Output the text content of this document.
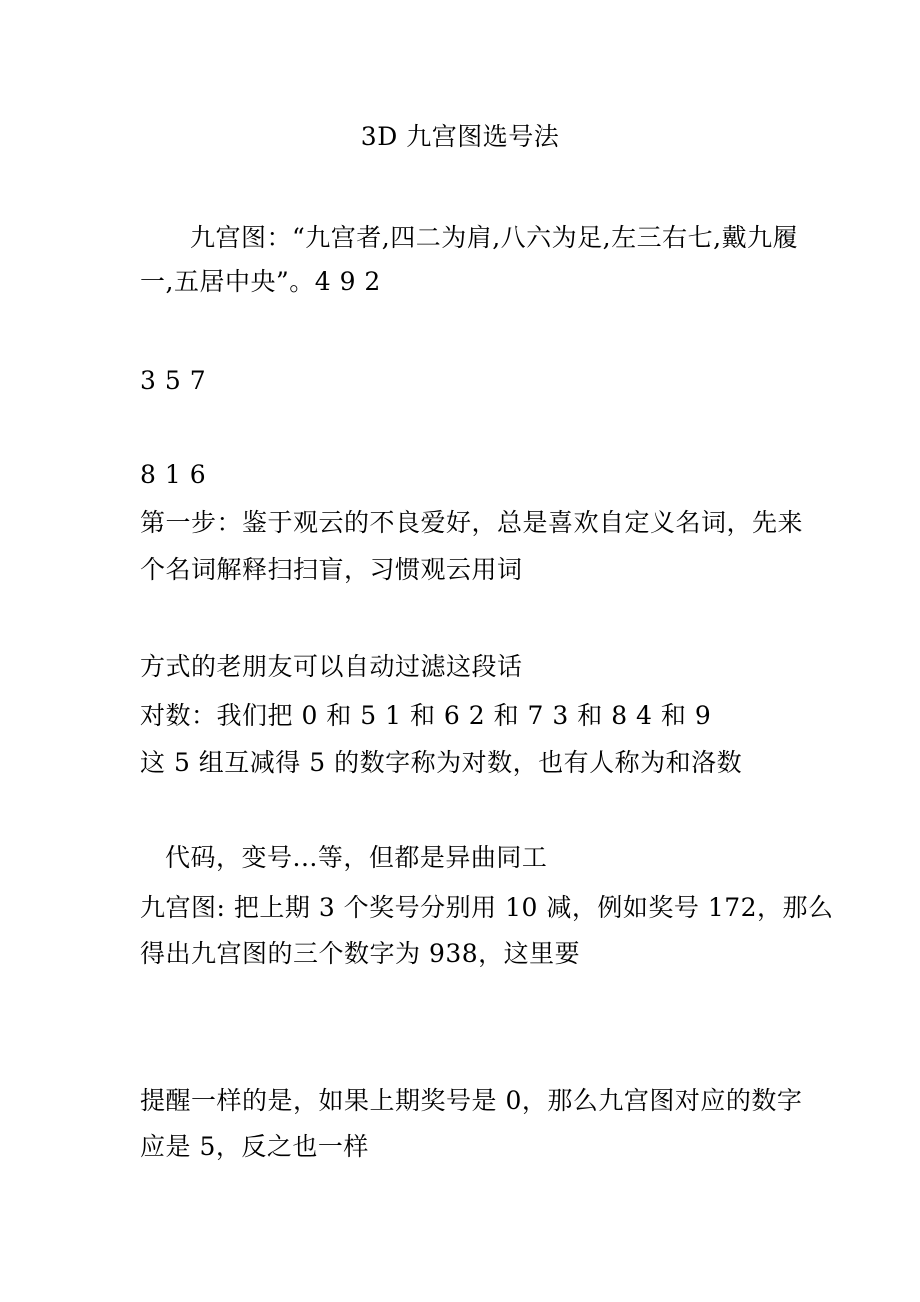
3D 九宫图选号法
九宫图：“九宫者,四二为肩,八六为足,左三右七,戴九履
一,五居中央”。4 9 2
3 5 7
8 1 6
第一步：鉴于观云的不良爱好，总是喜欢自定义名词，先来
个名词解释扫扫盲，习惯观云用词
方式的老朋友可以自动过滤这段话
对数：我们把 0 和 5 1 和 6 2 和 7 3 和 8 4 和 9
这 5 组互减得 5 的数字称为对数，也有人称为和洛数
代码，变号...等，但都是异曲同工
九宫图: 把上期 3 个奖号分别用 10 减，例如奖号 172，那么
得出九宫图的三个数字为 938，这里要
提醒一样的是，如果上期奖号是 0，那么九宫图对应的数字
应是 5，反之也一样
